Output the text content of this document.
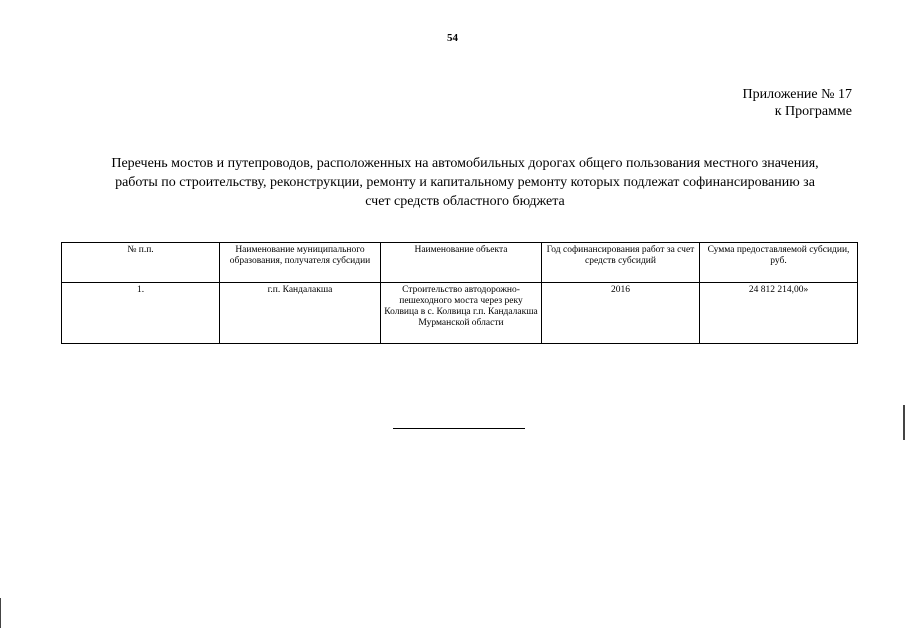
54
Приложение № 17
к Программе
Перечень мостов и путепроводов, расположенных на автомобильных дорогах общего пользования местного значения,
работы по строительству, реконструкции, ремонту и капитальному ремонту которых подлежат софинансированию за
счет средств областного бюджета
№ п.п.	Наименование муниципального образования, получателя субсидии	Наименование объекта	Год софинансирования работ за счет средств субсидий	Сумма предоставляемой субсидии, руб.
1.	г.п. Кандалакша	Строительство автодорожно-пешеходного моста через реку Колвица в с. Колвица г.п. Кандалакша Мурманской области	2016	24 812 214,00»
